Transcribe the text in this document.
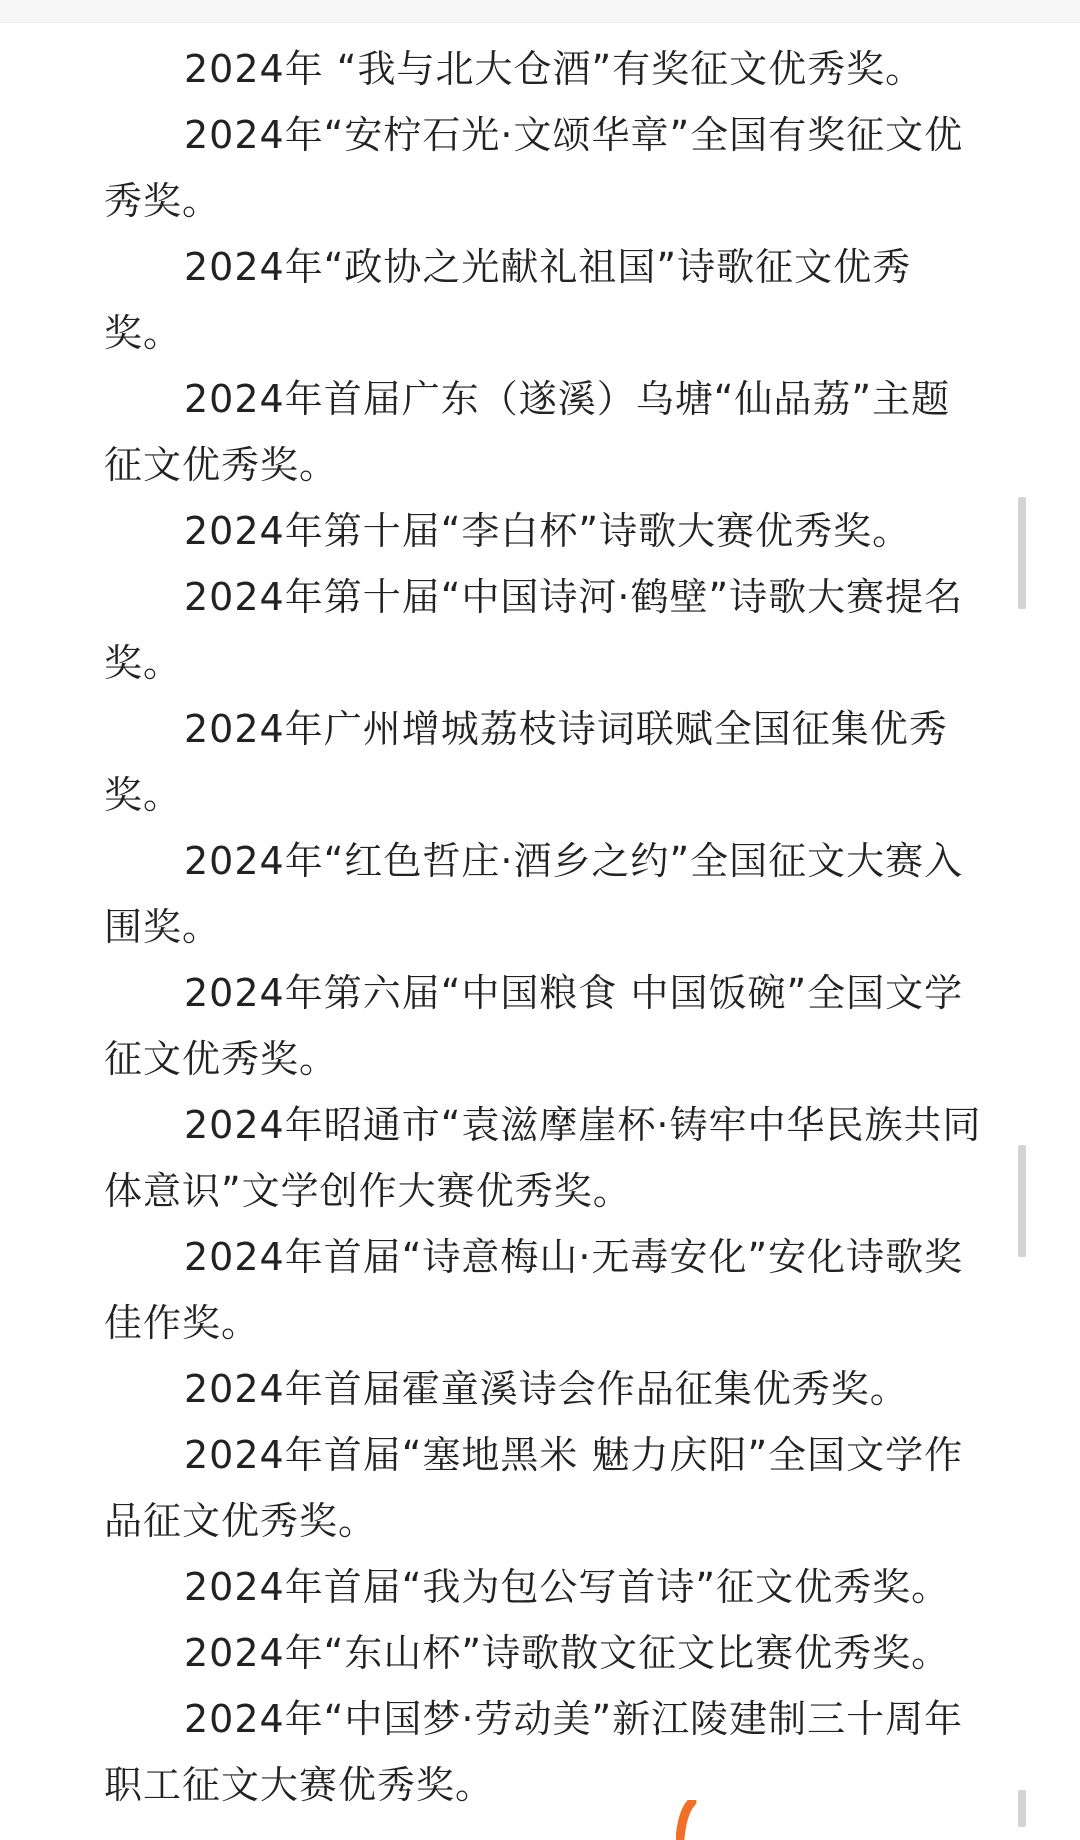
2024年 “我与北大仓酒”有奖征文优秀奖。

2024年“安柠石光·文颂华章”全国有奖征文优秀奖。

2024年“政协之光献礼祖国”诗歌征文优秀奖。

2024年首届广东（遂溪）乌塘“仙品荔”主题征文优秀奖。

2024年第十届“李白杯”诗歌大赛优秀奖。

2024年第十届“中国诗河·鹤壁”诗歌大赛提名奖。

2024年广州增城荔枝诗词联赋全国征集优秀奖。

2024年“红色哲庄·酒乡之约”全国征文大赛入围奖。

2024年第六届“中国粮食 中国饭碗”全国文学征文优秀奖。

2024年昭通市“袁滋摩崖杯·铸牢中华民族共同体意识”文学创作大赛优秀奖。

2024年首届“诗意梅山·无毒安化”安化诗歌奖佳作奖。

2024年首届霍童溪诗会作品征集优秀奖。

2024年首届“塞地黑米 魅力庆阳”全国文学作品征文优秀奖。

2024年首届“我为包公写首诗”征文优秀奖。

2024年“东山杯”诗歌散文征文比赛优秀奖。

2024年“中国梦·劳动美”新江陵建制三十周年职工征文大赛优秀奖。
